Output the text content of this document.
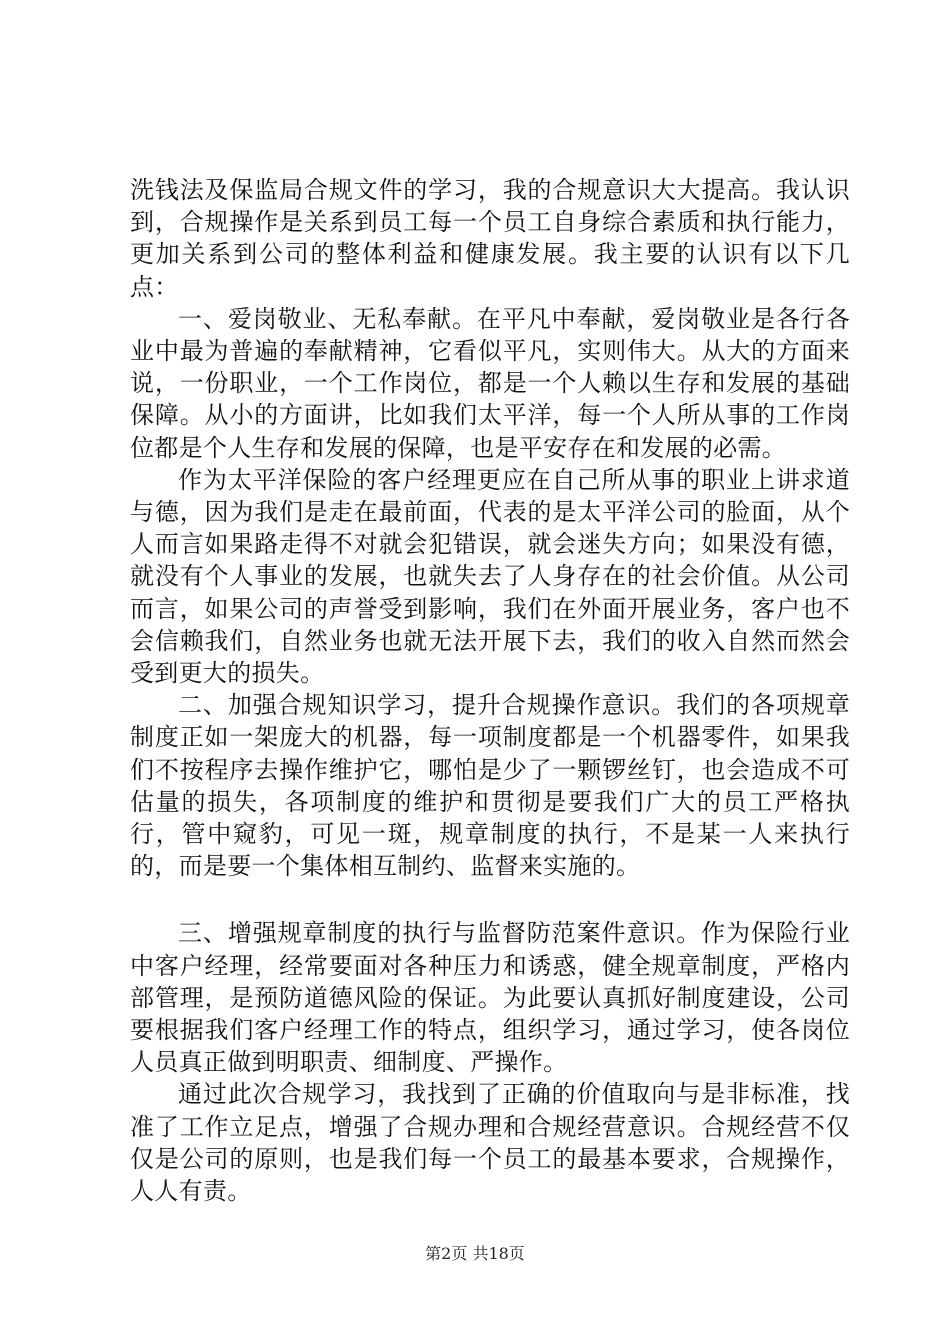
洗钱法及保监局合规文件的学习，我的合规意识大大提高。我认识到，合规操作是关系到员工每一个员工自身综合素质和执行能力，更加关系到公司的整体利益和健康发展。我主要的认识有以下几点：

一、爱岗敬业、无私奉献。在平凡中奉献，爱岗敬业是各行各业中最为普遍的奉献精神，它看似平凡，实则伟大。从大的方面来说，一份职业，一个工作岗位，都是一个人赖以生存和发展的基础保障。从小的方面讲，比如我们太平洋，每一个人所从事的工作岗位都是个人生存和发展的保障，也是平安存在和发展的必需。

作为太平洋保险的客户经理更应在自己所从事的职业上讲求道与德，因为我们是走在最前面，代表的是太平洋公司的脸面，从个人而言如果路走得不对就会犯错误，就会迷失方向；如果没有德，就没有个人事业的发展，也就失去了人身存在的社会价值。从公司而言，如果公司的声誉受到影响，我们在外面开展业务，客户也不会信赖我们，自然业务也就无法开展下去，我们的收入自然而然会受到更大的损失。

二、加强合规知识学习，提升合规操作意识。我们的各项规章制度正如一架庞大的机器，每一项制度都是一个机器零件，如果我们不按程序去操作维护它，哪怕是少了一颗锣丝钉，也会造成不可估量的损失，各项制度的维护和贯彻是要我们广大的员工严格执行，管中窥豹，可见一斑，规章制度的执行，不是某一人来执行的，而是要一个集体相互制约、监督来实施的。

三、增强规章制度的执行与监督防范案件意识。作为保险行业中客户经理，经常要面对各种压力和诱惑，健全规章制度，严格内部管理，是预防道德风险的保证。为此要认真抓好制度建设，公司要根据我们客户经理工作的特点，组织学习，通过学习，使各岗位人员真正做到明职责、细制度、严操作。

通过此次合规学习，我找到了正确的价值取向与是非标准，找准了工作立足点，增强了合规办理和合规经营意识。合规经营不仅仅是公司的原则，也是我们每一个员工的最基本要求，合规操作，人人有责。

第2页 共18页
